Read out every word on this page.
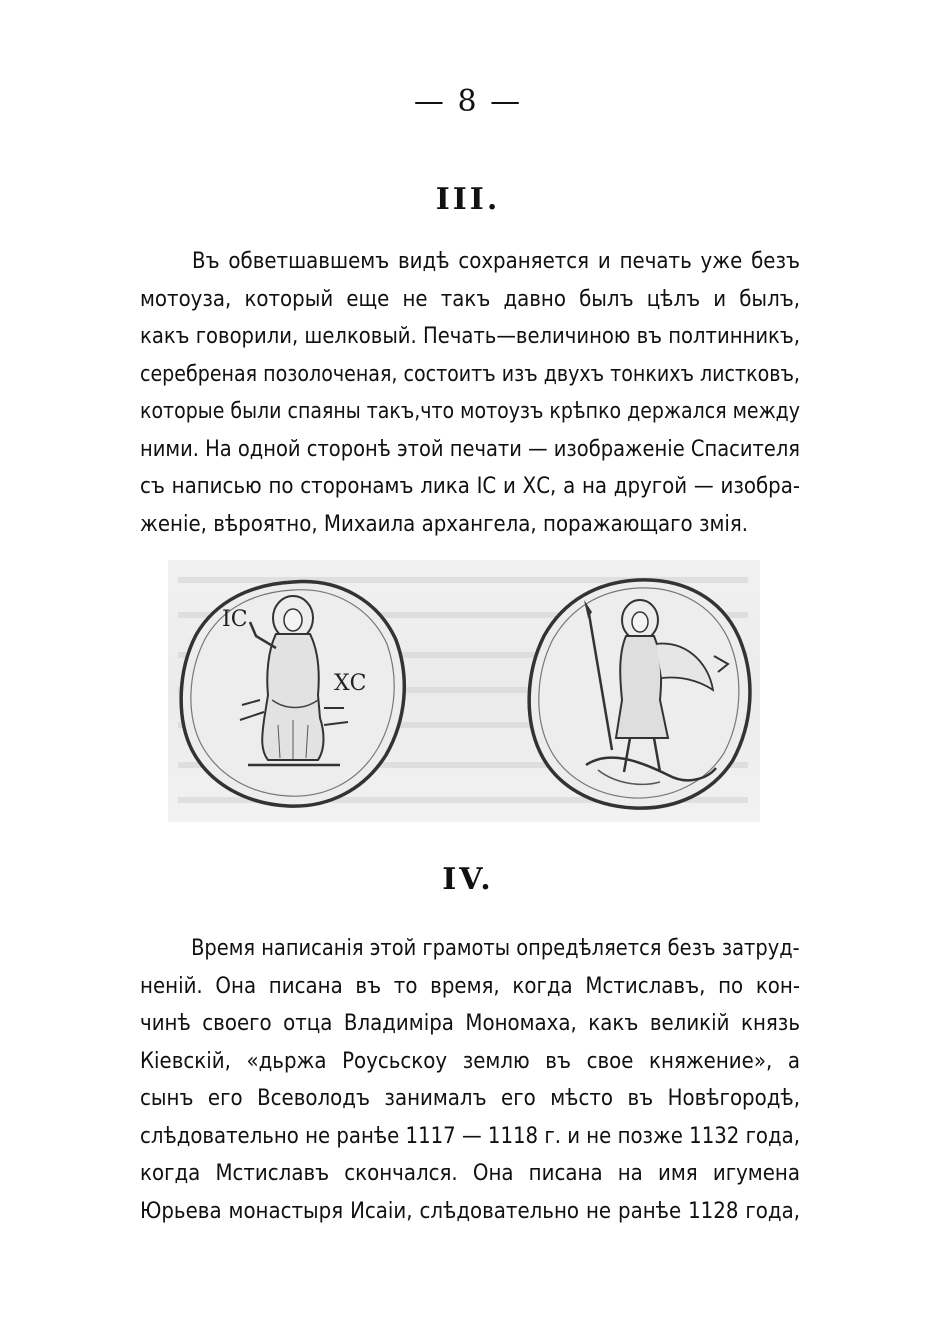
— 8 —
III.
Въ обветшавшемъ видѣ сохраняется и печать уже безъ
мотоуза, который еще не такъ давно былъ цѣлъ и былъ,
какъ говорили, шелковый. Печать—величиною въ полтинникъ,
серебреная позолоченая, состоитъ изъ двухъ тонкихъ листковъ,
которые были спаяны такъ,что мотоузъ крѣпко держался между
ними. На одной сторонѣ этой печати — изображеніе Спасителя
съ написью по сторонамъ лика ІС и ХС, а на другой — изобра-
женіе, вѣроятно, Михаила архангела, поражающаго змія.
ІС
ХС
IV.
Время написанія этой грамоты опредѣляется безъ затруд-
неній. Она писана въ то время, когда Мстиславъ, по кон-
чинѣ своего отца Владиміра Мономаха, какъ великій князь
Кіевскій, «дьржа Роусьскоу землю въ свое княжение», а
сынъ его Всеволодъ занималъ его мѣсто въ Новѣгородѣ,
слѣдовательно не ранѣе 1117 — 1118 г. и не позже 1132 года,
когда Мстиславъ скончался. Она писана на имя игумена
Юрьева монастыря Исаіи, слѣдовательно не ранѣе 1128 года,
